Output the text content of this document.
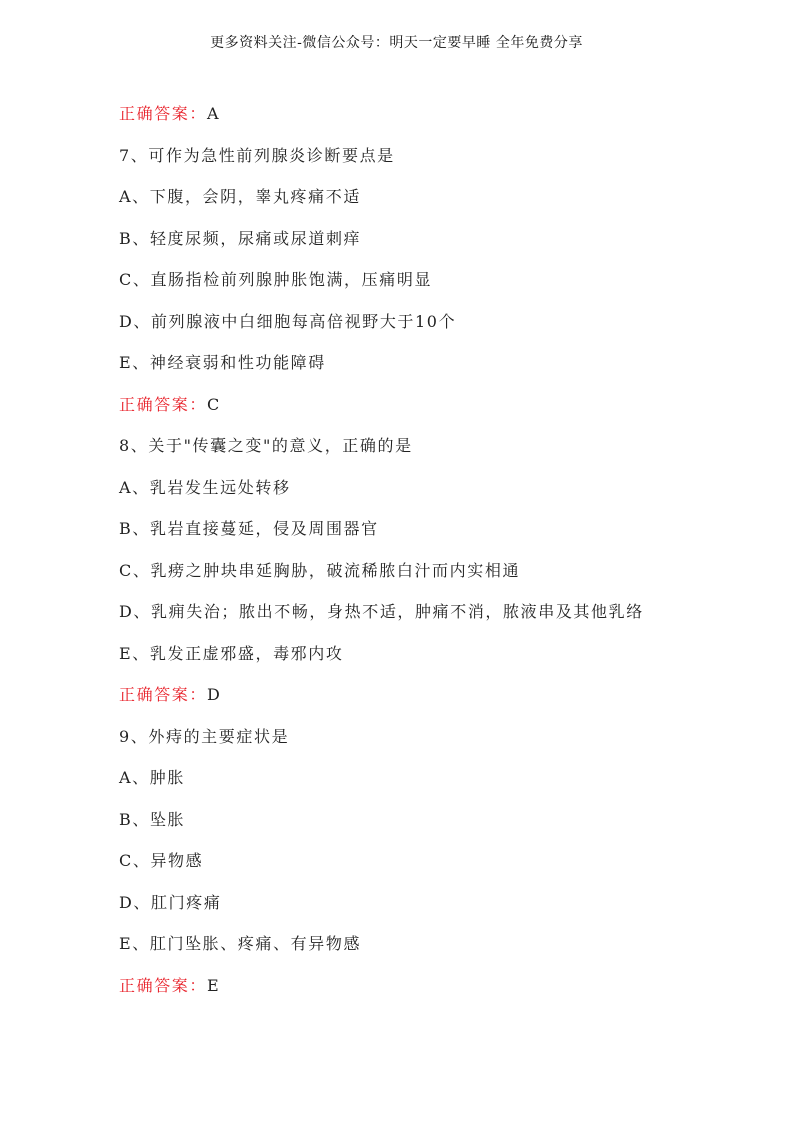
更多资料关注-微信公众号：明天一定要早睡 全年免费分享
正确答案：A
7、可作为急性前列腺炎诊断要点是
A、下腹，会阴，睾丸疼痛不适
B、轻度尿频，尿痛或尿道刺痒
C、直肠指检前列腺肿胀饱满，压痛明显
D、前列腺液中白细胞每高倍视野大于10个
E、神经衰弱和性功能障碍
正确答案：C
8、关于"传囊之变"的意义，正确的是
A、乳岩发生远处转移
B、乳岩直接蔓延，侵及周围器官
C、乳痨之肿块串延胸胁，破流稀脓白汁而内实相通
D、乳痈失治；脓出不畅，身热不适，肿痛不消，脓液串及其他乳络
E、乳发正虚邪盛，毒邪内攻
正确答案：D
9、外痔的主要症状是
A、肿胀
B、坠胀
C、异物感
D、肛门疼痛
E、肛门坠胀、疼痛、有异物感
正确答案：E
